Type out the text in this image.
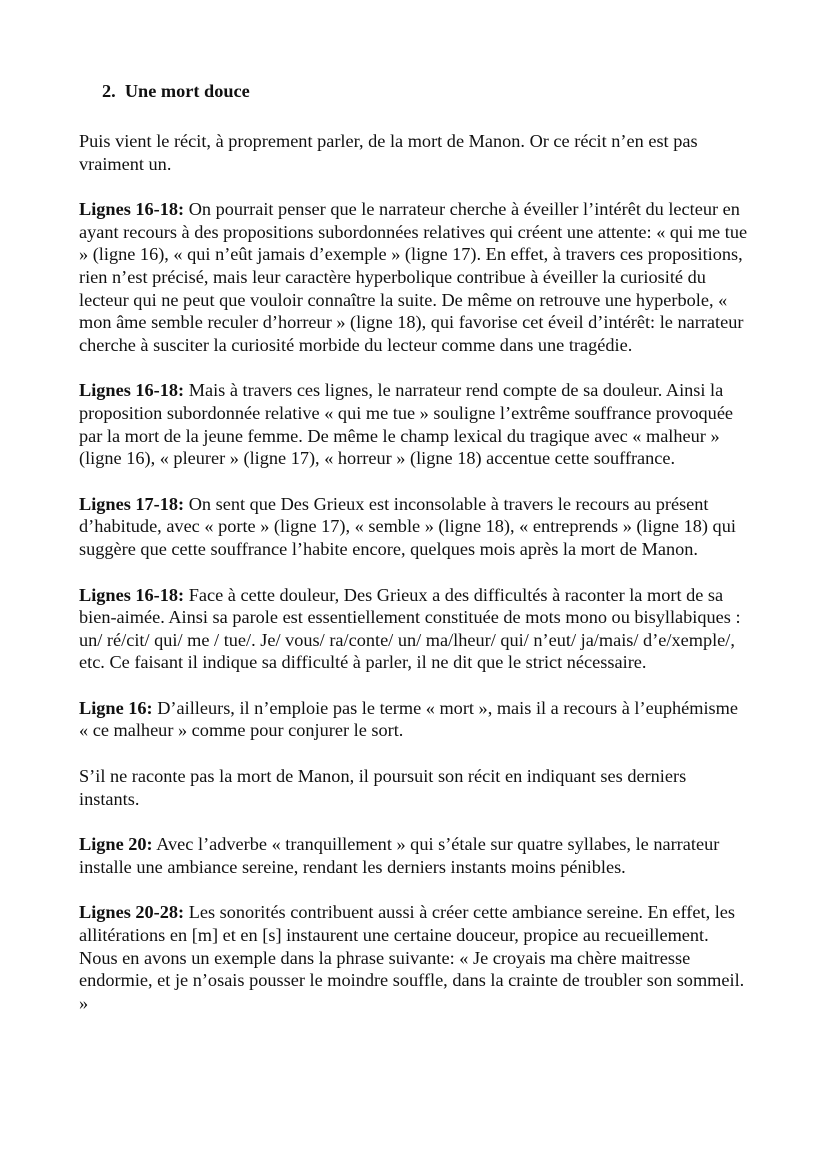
2. Une mort douce

Puis vient le récit, à proprement parler, de la mort de Manon. Or ce récit n’en est pas vraiment un.

Lignes 16-18: On pourrait penser que le narrateur cherche à éveiller l’intérêt du lecteur en ayant recours à des propositions subordonnées relatives qui créent une attente: « qui me tue » (ligne 16), « qui n’eût jamais d’exemple » (ligne 17). En effet, à travers ces propositions, rien n’est précisé, mais leur caractère hyperbolique contribue à éveiller la curiosité du lecteur qui ne peut que vouloir connaître la suite. De même on retrouve une hyperbole, « mon âme semble reculer d’horreur » (ligne 18), qui favorise cet éveil d’intérêt: le narrateur cherche à susciter la curiosité morbide du lecteur comme dans une tragédie.

Lignes 16-18: Mais à travers ces lignes, le narrateur rend compte de sa douleur. Ainsi la proposition subordonnée relative « qui me tue » souligne l’extrême souffrance provoquée par la mort de la jeune femme. De même le champ lexical du tragique avec « malheur » (ligne 16), « pleurer » (ligne 17), « horreur » (ligne 18) accentue cette souffrance.

Lignes 17-18: On sent que Des Grieux est inconsolable à travers le recours au présent d’habitude, avec « porte » (ligne 17), « semble » (ligne 18), « entreprends » (ligne 18) qui suggère que cette souffrance l’habite encore, quelques mois après la mort de Manon.

Lignes 16-18: Face à cette douleur, Des Grieux a des difficultés à raconter la mort de sa bien-aimée. Ainsi sa parole est essentiellement constituée de mots mono ou bisyllabiques : un/ ré/cit/ qui/ me / tue/. Je/ vous/ ra/conte/ un/ ma/lheur/ qui/ n’eut/ ja/mais/ d’e/xemple/, etc. Ce faisant il indique sa difficulté à parler, il ne dit que le strict nécessaire.

Ligne 16: D’ailleurs, il n’emploie pas le terme « mort », mais il a recours à l’euphémisme « ce malheur » comme pour conjurer le sort.

S’il ne raconte pas la mort de Manon, il poursuit son récit en indiquant ses derniers instants.

Ligne 20: Avec l’adverbe « tranquillement » qui s’étale sur quatre syllabes, le narrateur installe une ambiance sereine, rendant les derniers instants moins pénibles.

Lignes 20-28: Les sonorités contribuent aussi à créer cette ambiance sereine. En effet, les allitérations en [m] et en [s] instaurent une certaine douceur, propice au recueillement. Nous en avons un exemple dans la phrase suivante: « Je croyais ma chère maitresse endormie, et je n’osais pousser le moindre souffle, dans la crainte de troubler son sommeil. »
